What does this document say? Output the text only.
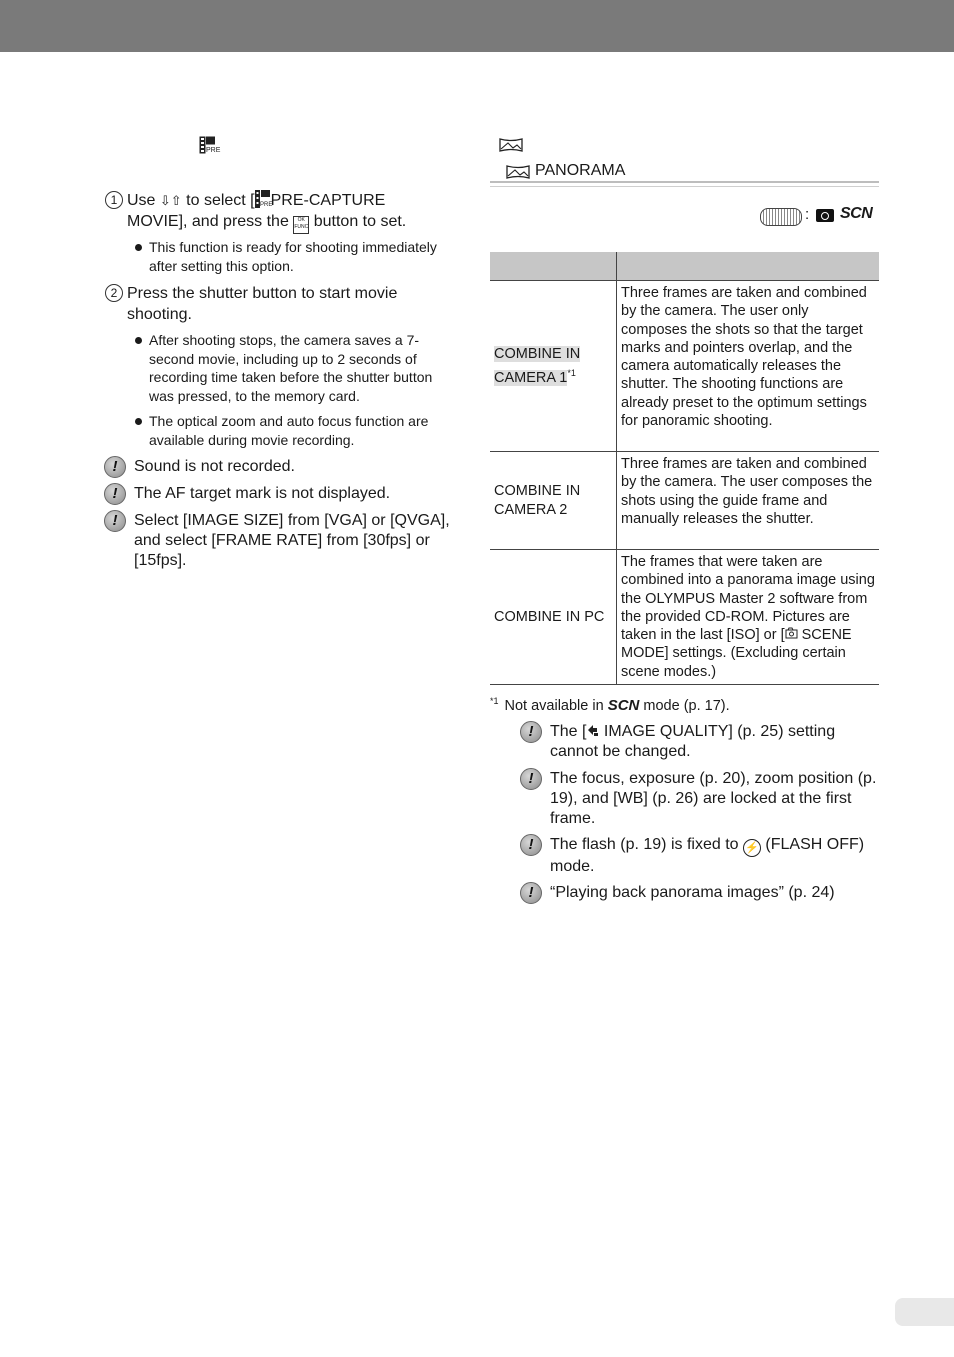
PRE
1 Use ⇩⇧ to select [ PRE
PRE-CAPTURE MOVIE], and press the OK FUNC button to set.
This function is ready for shooting immediately after setting this option.
2 Press the shutter button to start movie shooting.
After shooting stops, the camera saves a 7-second movie, including up to 2 seconds of recording time taken before the shutter button was pressed, to the memory card.
The optical zoom and auto focus function are available during movie recording.
!
Sound is not recorded.
!
The AF target mark is not displayed.
!
Select [IMAGE SIZE] from [VGA] or [QVGA], and select [FRAME RATE] from [30fps] or [15fps].
PANORAMA
: SCN

COMBINE IN CAMERA 1$^{*1}$	Three frames are taken and combined by the camera. The user only composes the shots so that the target marks and pointers overlap, and the camera automatically releases the shutter. The shooting functions are already preset to the optimum settings for panoramic shooting.
COMBINE IN CAMERA 2	Three frames are taken and combined by the camera. The user composes the shots using the guide frame and manually releases the shutter.
COMBINE IN PC	The frames that were taken are combined into a panorama image using the OLYMPUS Master 2 software from the provided CD-ROM. Pictures are taken in the last [ISO] or [ SCENE MODE] settings. (Excluding certain scene modes.)
$^{*1}$ Not available in SCN mode (p. 17).
!
The [ IMAGE QUALITY] (p. 25) setting cannot be changed.
!
The focus, exposure (p. 20), zoom position (p. 19), and [WB] (p. 26) are locked at the first frame.
!
The flash (p. 19) is fixed to ⚡ (FLASH OFF) mode.
!
“Playing back panorama images” (p. 24)
